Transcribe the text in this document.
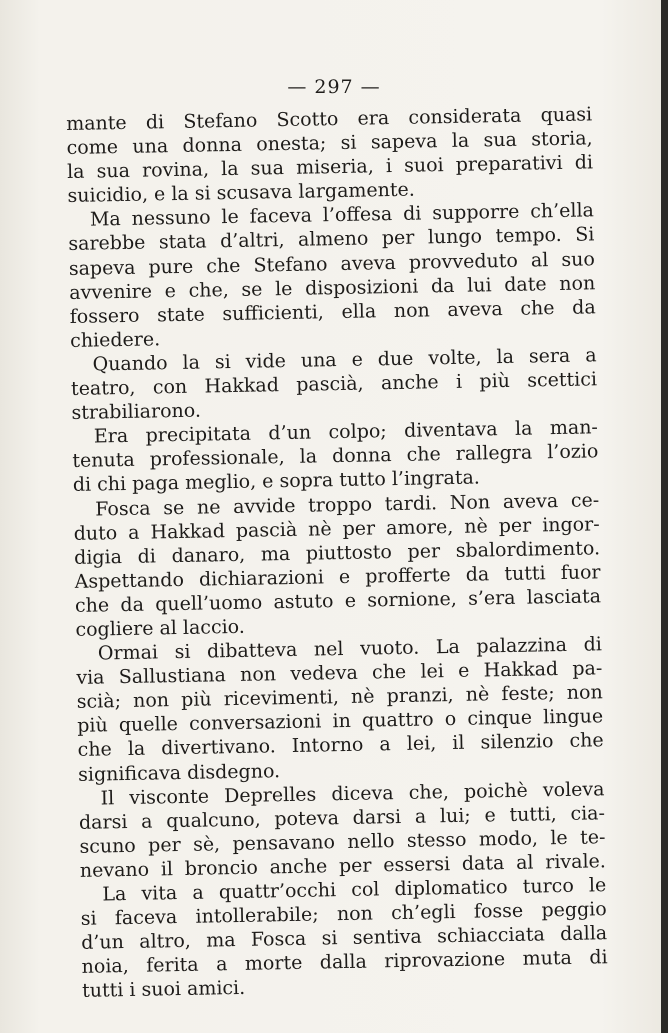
— 297 —
mante di Stefano Scotto era considerata quasi
come una donna onesta; si sapeva la sua storia,
la sua rovina, la sua miseria, i suoi preparativi di
suicidio, e la si scusava largamente.
Ma nessuno le faceva l’offesa di supporre ch’ella
sarebbe stata d’altri, almeno per lungo tempo. Si
sapeva pure che Stefano aveva provveduto al suo
avvenire e che, se le disposizioni da lui date non
fossero state sufficienti, ella non aveva che da
chiedere.
Quando la si vide una e due volte, la sera a
teatro, con Hakkad pascià, anche i più scettici
strabiliarono.
Era precipitata d’un colpo; diventava la man-
tenuta professionale, la donna che rallegra l’ozio
di chi paga meglio, e sopra tutto l’ingrata.
Fosca se ne avvide troppo tardi. Non aveva ce-
duto a Hakkad pascià nè per amore, nè per ingor-
digia di danaro, ma piuttosto per sbalordimento.
Aspettando dichiarazioni e profferte da tutti fuor
che da quell’uomo astuto e sornione, s’era lasciata
cogliere al laccio.
Ormai si dibatteva nel vuoto. La palazzina di
via Sallustiana non vedeva che lei e Hakkad pa-
scià; non più ricevimenti, nè pranzi, nè feste; non
più quelle conversazioni in quattro o cinque lingue
che la divertivano. Intorno a lei, il silenzio che
significava disdegno.
Il visconte Deprelles diceva che, poichè voleva
darsi a qualcuno, poteva darsi a lui; e tutti, cia-
scuno per sè, pensavano nello stesso modo, le te-
nevano il broncio anche per essersi data al rivale.
La vita a quattr’occhi col diplomatico turco le
si faceva intollerabile; non ch’egli fosse peggio
d’un altro, ma Fosca si sentiva schiacciata dalla
noia, ferita a morte dalla riprovazione muta di
tutti i suoi amici.
